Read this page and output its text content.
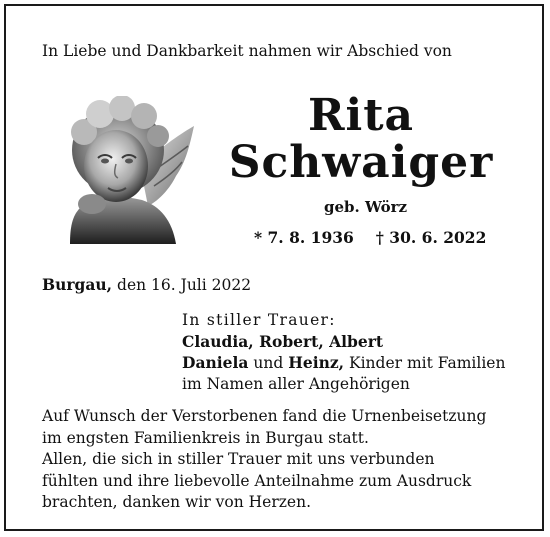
In Liebe und Dankbarkeit nahmen wir Abschied von
Rita
Schwaiger
geb. Wörz
* 7. 8. 1936 † 30. 6. 2022
Burgau, den 16. Juli 2022
In stiller Trauer:
Claudia, Robert, Albert
Daniela und Heinz, Kinder mit Familien
im Namen aller Angehörigen
Auf Wunsch der Verstorbenen fand die Urnenbeisetzung
im engsten Familienkreis in Burgau statt.
Allen, die sich in stiller Trauer mit uns verbunden
fühlten und ihre liebevolle Anteilnahme zum Ausdruck
brachten, danken wir von Herzen.
